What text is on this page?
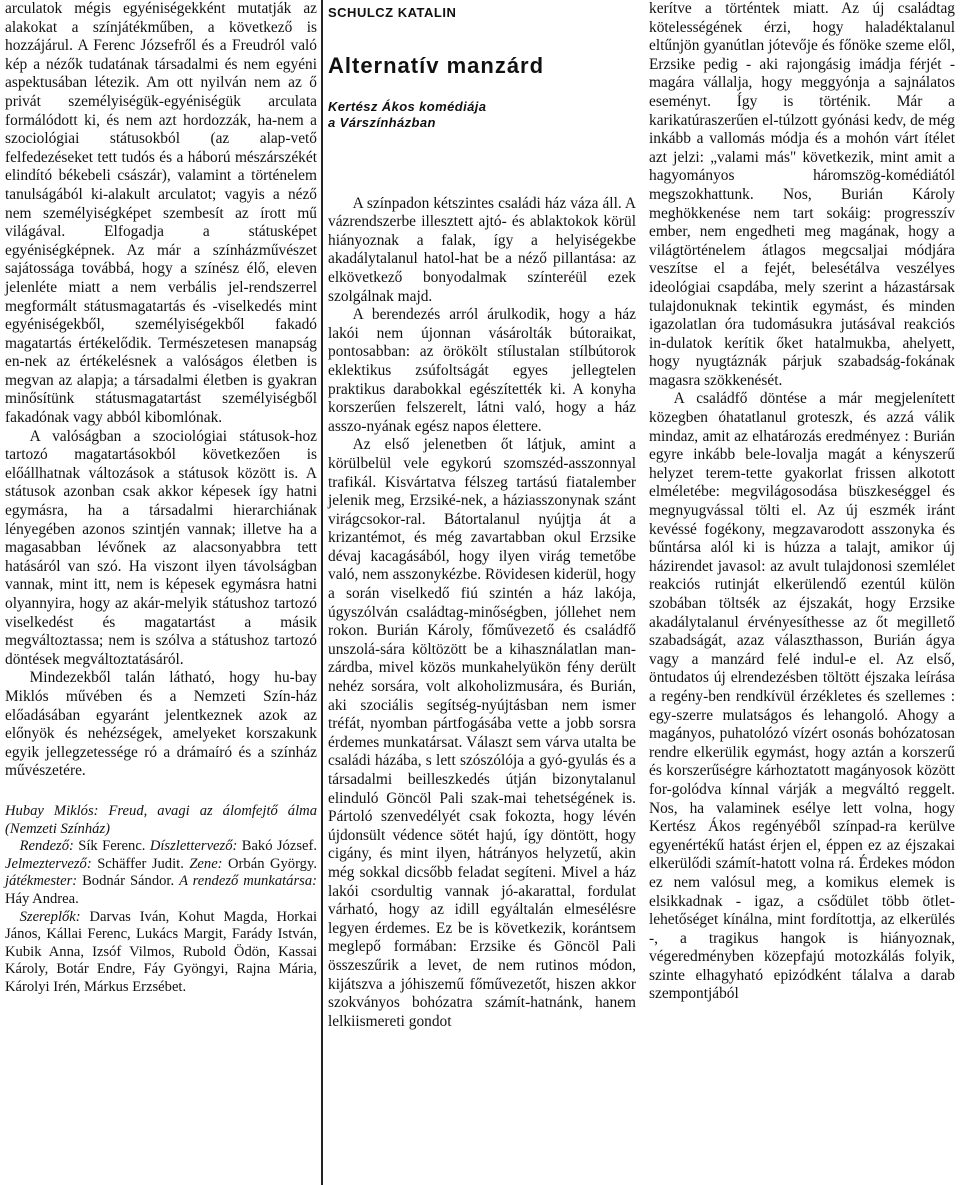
arculatok mégis egyéniségekként mutatják az alakokat a színjátékműben, a következő is hozzájárul. A Ferenc Józsefről és a Freudról való kép a nézők tudatának társadalmi és nem egyéni aspektusában létezik. Am ott nyilván nem az ő privát személyiségük-egyéniségük arculata formálódott ki, és nem azt hordozzák, ha-nem a szociológiai státusokból (az alap-vető felfedezéseket tett tudós és a háború mészárszékét elindító békebeli császár), valamint a történelem tanulságából ki-alakult arculatot; vagyis a néző nem személyiségképet szembesít az írott mű világával. Elfogadja a státusképet egyéniségképnek. Az már a színházművészet sajátossága továbbá, hogy a színész élő, eleven jelenléte miatt a nem verbális jel-rendszerrel megformált státusmagatartás és -viselkedés mint egyéniségekből, személyiségekből fakadó magatartás értékelődik. Természetesen manapság en-nek az értékelésnek a valóságos életben is megvan az alapja; a társadalmi életben is gyakran minősítünk státusmagatartást személyiségből fakadónak vagy abból kibomlónak.

A valóságban a szociológiai státusok-hoz tartozó magatartásokból következően is előállhatnak változások a státusok között is. A státusok azonban csak akkor képesek így hatni egymásra, ha a társadalmi hierarchiának lényegében azonos szintjén vannak; illetve ha a magasabban lévőnek az alacsonyabbra tett hatásáról van szó. Ha viszont ilyen távolságban vannak, mint itt, nem is képesek egymásra hatni olyannyira, hogy az akár-melyik státushoz tartozó viselkedést és magatartást a másik megváltoztassa; nem is szólva a státushoz tartozó döntések megváltoztatásáról.

Mindezekből talán látható, hogy hu-bay Miklós művében és a Nemzeti Szín-ház előadásában egyaránt jelentkeznek azok az előnyök és nehézségek, amelyeket korszakunk egyik jellegzetessége ró a drámaíró és a színház művészetére.

Hubay Miklós: Freud, avagi az álomfejtő álma (Nemzeti Színház)

 Rendező: Sík Ferenc. Díszlettervező: Bakó József. Jelmeztervező: Schäffer Judit. Zene: Orbán György. játékmester: Bodnár Sándor. A rendező munkatársa: Háy Andrea.

 Szereplők: Darvas Iván, Kohut Magda, Horkai János, Kállai Ferenc, Lukács Margit, Farády István, Kubik Anna, Izsóf Vilmos, Rubold Ödön, Kassai Károly, Botár Endre, Fáy Gyöngyi, Rajna Mária, Károlyi Irén, Márkus Erzsébet.

SCHULCZ KATALIN
Alternatív manzárd
Kertész Ákos komédiája
a Várszínházban

A színpadon kétszintes családi ház váza áll. A vázrendszerbe illesztett ajtó- és ablaktokok körül hiányoznak a falak, így a helyiségekbe akadálytalanul hatol-hat be a néző pillantása: az elkövetkező bonyodalmak színteréül ezek szolgálnak majd.

A berendezés arról árulkodik, hogy a ház lakói nem újonnan vásárolták bútoraikat, pontosabban: az örökölt stílustalan stílbútorok eklektikus zsúfoltságát egyes jellegtelen praktikus darabokkal egészítették ki. A konyha korszerűen felszerelt, látni való, hogy a ház asszo-nyának egész napos élettere.

Az első jelenetben őt látjuk, amint a körülbelül vele egykorú szomszéd-asszonnyal trafikál. Kisvártatva félszeg tartású fiatalember jelenik meg, Erzsiké-nek, a háziasszonynak szánt virágcsokor-ral. Bátortalanul nyújtja át a krizantémot, és még zavartabban okul Erzsike dévaj kacagásából, hogy ilyen virág temetőbe való, nem asszonykézbe. Rövidesen kiderül, hogy a során viselkedő fiú szintén a ház lakója, úgyszólván családtag-minőségben, jóllehet nem rokon. Burián Károly, főművezető és családfő unszolá-sára költözött be a kihasználatlan man-zárdba, mivel közös munkahelyükön fény derült nehéz sorsára, volt alkoholizmusára, és Burián, aki szociális segítség-nyújtásban nem ismer tréfát, nyomban pártfogásába vette a jobb sorsra érdemes munkatársat. Választ sem várva utalta be családi házába, s lett szószólója a gyó-gyulás és a társadalmi beilleszkedés útján bizonytalanul elinduló Göncöl Pali szak-mai tehetségének is. Pártoló szenvedélyét csak fokozta, hogy lévén újdonsült védence sötét hajú, így döntött, hogy cigány, és mint ilyen, hátrányos helyzetű, akin még sokkal dicsőbb feladat segíteni. Mivel a ház lakói csordultig vannak jó-akarattal, fordulat várható, hogy az idill egyáltalán elmesélésre legyen érdemes. Ez be is következik, korántsem meglepő formában: Erzsike és Göncöl Pali összeszűrik a levet, de nem rutinos módon, kijátszva a jóhiszemű főművezetőt, hiszen akkor szokványos bohózatra számít-hatnánk, hanem lelkiismereti gondot

kerítve a történtek miatt. Az új családtag kötelességének érzi, hogy haladéktalanul eltűnjön gyanútlan jótevője és főnöke szeme elől, Erzsike pedig - aki rajongásig imádja férjét - magára vállalja, hogy meggyónja a sajnálatos eseményt. Így is történik. Már a karikatúraszerűen el-túlzott gyónási kedv, de még inkább a vallomás módja és a mohón várt ítélet azt jelzi: „valami más" következik, mint amit a hagyományos háromszög-komédiától megszokhattunk. Nos, Burián Károly meghökkenése nem tart sokáig: progresszív ember, nem engedheti meg magának, hogy a világtörténelem átlagos megcsaljai módjára veszítse el a fejét, belesétálva veszélyes ideológiai csapdába, mely szerint a házastársak tulajdonuknak tekintik egymást, és minden igazolatlan óra tudomásukra jutásával reakciós in-dulatok kerítik őket hatalmukba, ahelyett, hogy nyugtáznák párjuk szabadság-fokának magasra szökkenését.

A családfő döntése a már megjelenített közegben óhatatlanul groteszk, és azzá válik mindaz, amit az elhatározás eredményez : Burián egyre inkább bele-lovalja magát a kényszerű helyzet terem-tette gyakorlat frissen alkotott elméletébe: megvilágosodása büszkeséggel és megnyugvással tölti el. Az új eszmék iránt kevéssé fogékony, megzavarodott asszonyka és bűntársa alól ki is húzza a talajt, amikor új házirendet javasol: az avult tulajdonosi szemlélet reakciós rutinját elkerülendő ezentúl külön szobában töltsék az éjszakát, hogy Erzsike akadálytalanul érvényesíthesse az őt megillető szabadságát, azaz választhasson, Burián ágya vagy a manzárd felé indul-e el. Az első, öntudatos új elrendezésben töltött éjszaka leírása a regény-ben rendkívül érzékletes és szellemes : egy-szerre mulatságos és lehangoló. Ahogy a magányos, puhatolózó vízért osonás bohózatosan rendre elkerülik egymást, hogy aztán a korszerű és korszerűségre kárhoztatott magányosok között for-golódva kínnal várják a megváltó reggelt. Nos, ha valaminek esélye lett volna, hogy Kertész Ákos regényéből színpad-ra kerülve egyenértékű hatást érjen el, éppen ez az éjszakai elkerülődi számít-hatott volna rá. Érdekes módon ez nem valósul meg, a komikus elemek is elsikkadnak - igaz, a csődület több ötlet-lehetőséget kínálna, mint fordítottja, az elkerülés -, a tragikus hangok is hiányoznak, végeredményben közepfajú motozkálás folyik, szinte elhagyható epizódként tálalva a darab szempontjából
